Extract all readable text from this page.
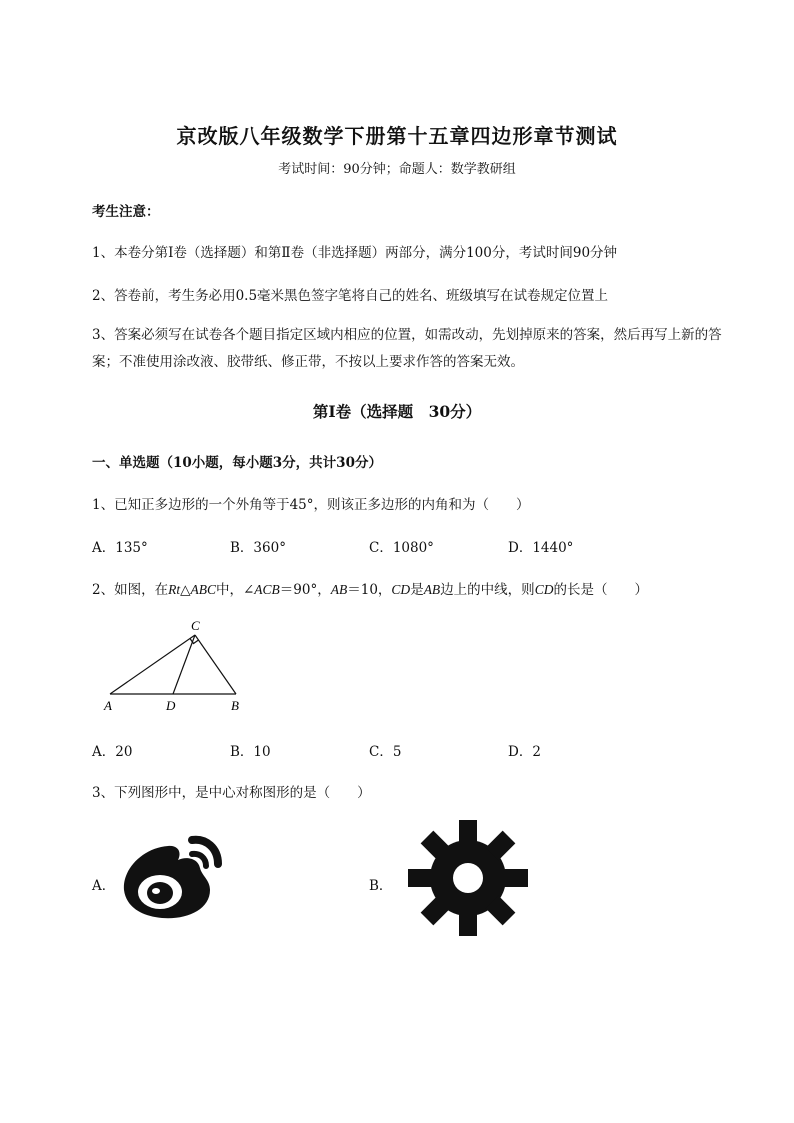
京改版八年级数学下册第十五章四边形章节测试
考试时间：90分钟；命题人：数学教研组
考生注意：
1、本卷分第I卷（选择题）和第Ⅱ卷（非选择题）两部分，满分100分，考试时间90分钟
2、答卷前，考生务必用0.5毫米黑色签字笔将自己的姓名、班级填写在试卷规定位置上
3、答案必须写在试卷各个题目指定区域内相应的位置，如需改动，先划掉原来的答案，然后再写上新的答案；不准使用涂改液、胶带纸、修正带，不按以上要求作答的答案无效。
第I卷（选择题　30分）
一、单选题（10小题，每小题3分，共计30分）
1、已知正多边形的一个外角等于45°，则该正多边形的内角和为（　　）
A．135°	B．360°	C．1080°	D．1440°
2、如图，在Rt△ABC中，∠ACB＝90°，AB＝10，CD是AB边上的中线，则CD的长是（　　）
C
A	D	B
A．20	B．10	C．5	D．2
3、下列图形中，是中心对称图形的是（　　）
A．	B．
